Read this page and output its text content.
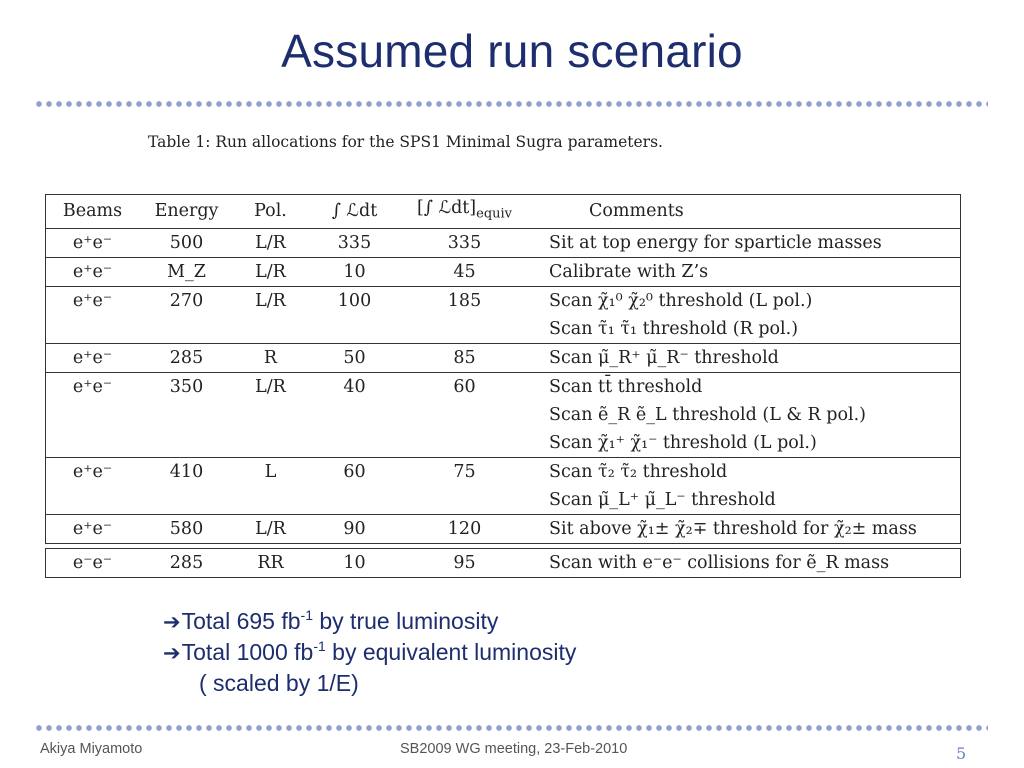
Assumed run scenario

Table 1: Run allocations for the SPS1 Minimal Sugra parameters.

Beams	Energy	Pol.	∫ ℒdt	[∫ $ℒdt]_{equiv}$	Comments
e⁺e⁻	500	L/R	335	335	Sit at top energy for sparticle masses
e⁺e⁻	M_Z	L/R	10	45	Calibrate with Z’s
e⁺e⁻	270	L/R	100	185	Scan χ̃₁⁰ χ̃₂⁰ threshold (L pol.)
					Scan τ̃₁ τ̃₁ threshold (R pol.)
e⁺e⁻	285	R	50	85	Scan μ̃_R⁺ μ̃_R⁻ threshold
e⁺e⁻	350	L/R	40	60	Scan tt̄ threshold
					Scan ẽ_R ẽ_L threshold (L & R pol.)
					Scan χ̃₁⁺ χ̃₁⁻ threshold (L pol.)
e⁺e⁻	410	L	60	75	Scan τ̃₂ τ̃₂ threshold
					Scan μ̃_L⁺ μ̃_L⁻ threshold
e⁺e⁻	580	L/R	90	120	Sit above χ̃₁± χ̃₂∓ threshold for χ̃₂± mass
e⁻e⁻	285	RR	10	95	Scan with e⁻e⁻ collisions for ẽ_R mass
➔Total 695 $fb^{-1}$ by true luminosity
➔Total 1000 $fb^{-1}$ by equivalent luminosity
( scaled by 1/E)

Akiya Miyamoto	SB2009 WG meeting, 23-Feb-2010	5
